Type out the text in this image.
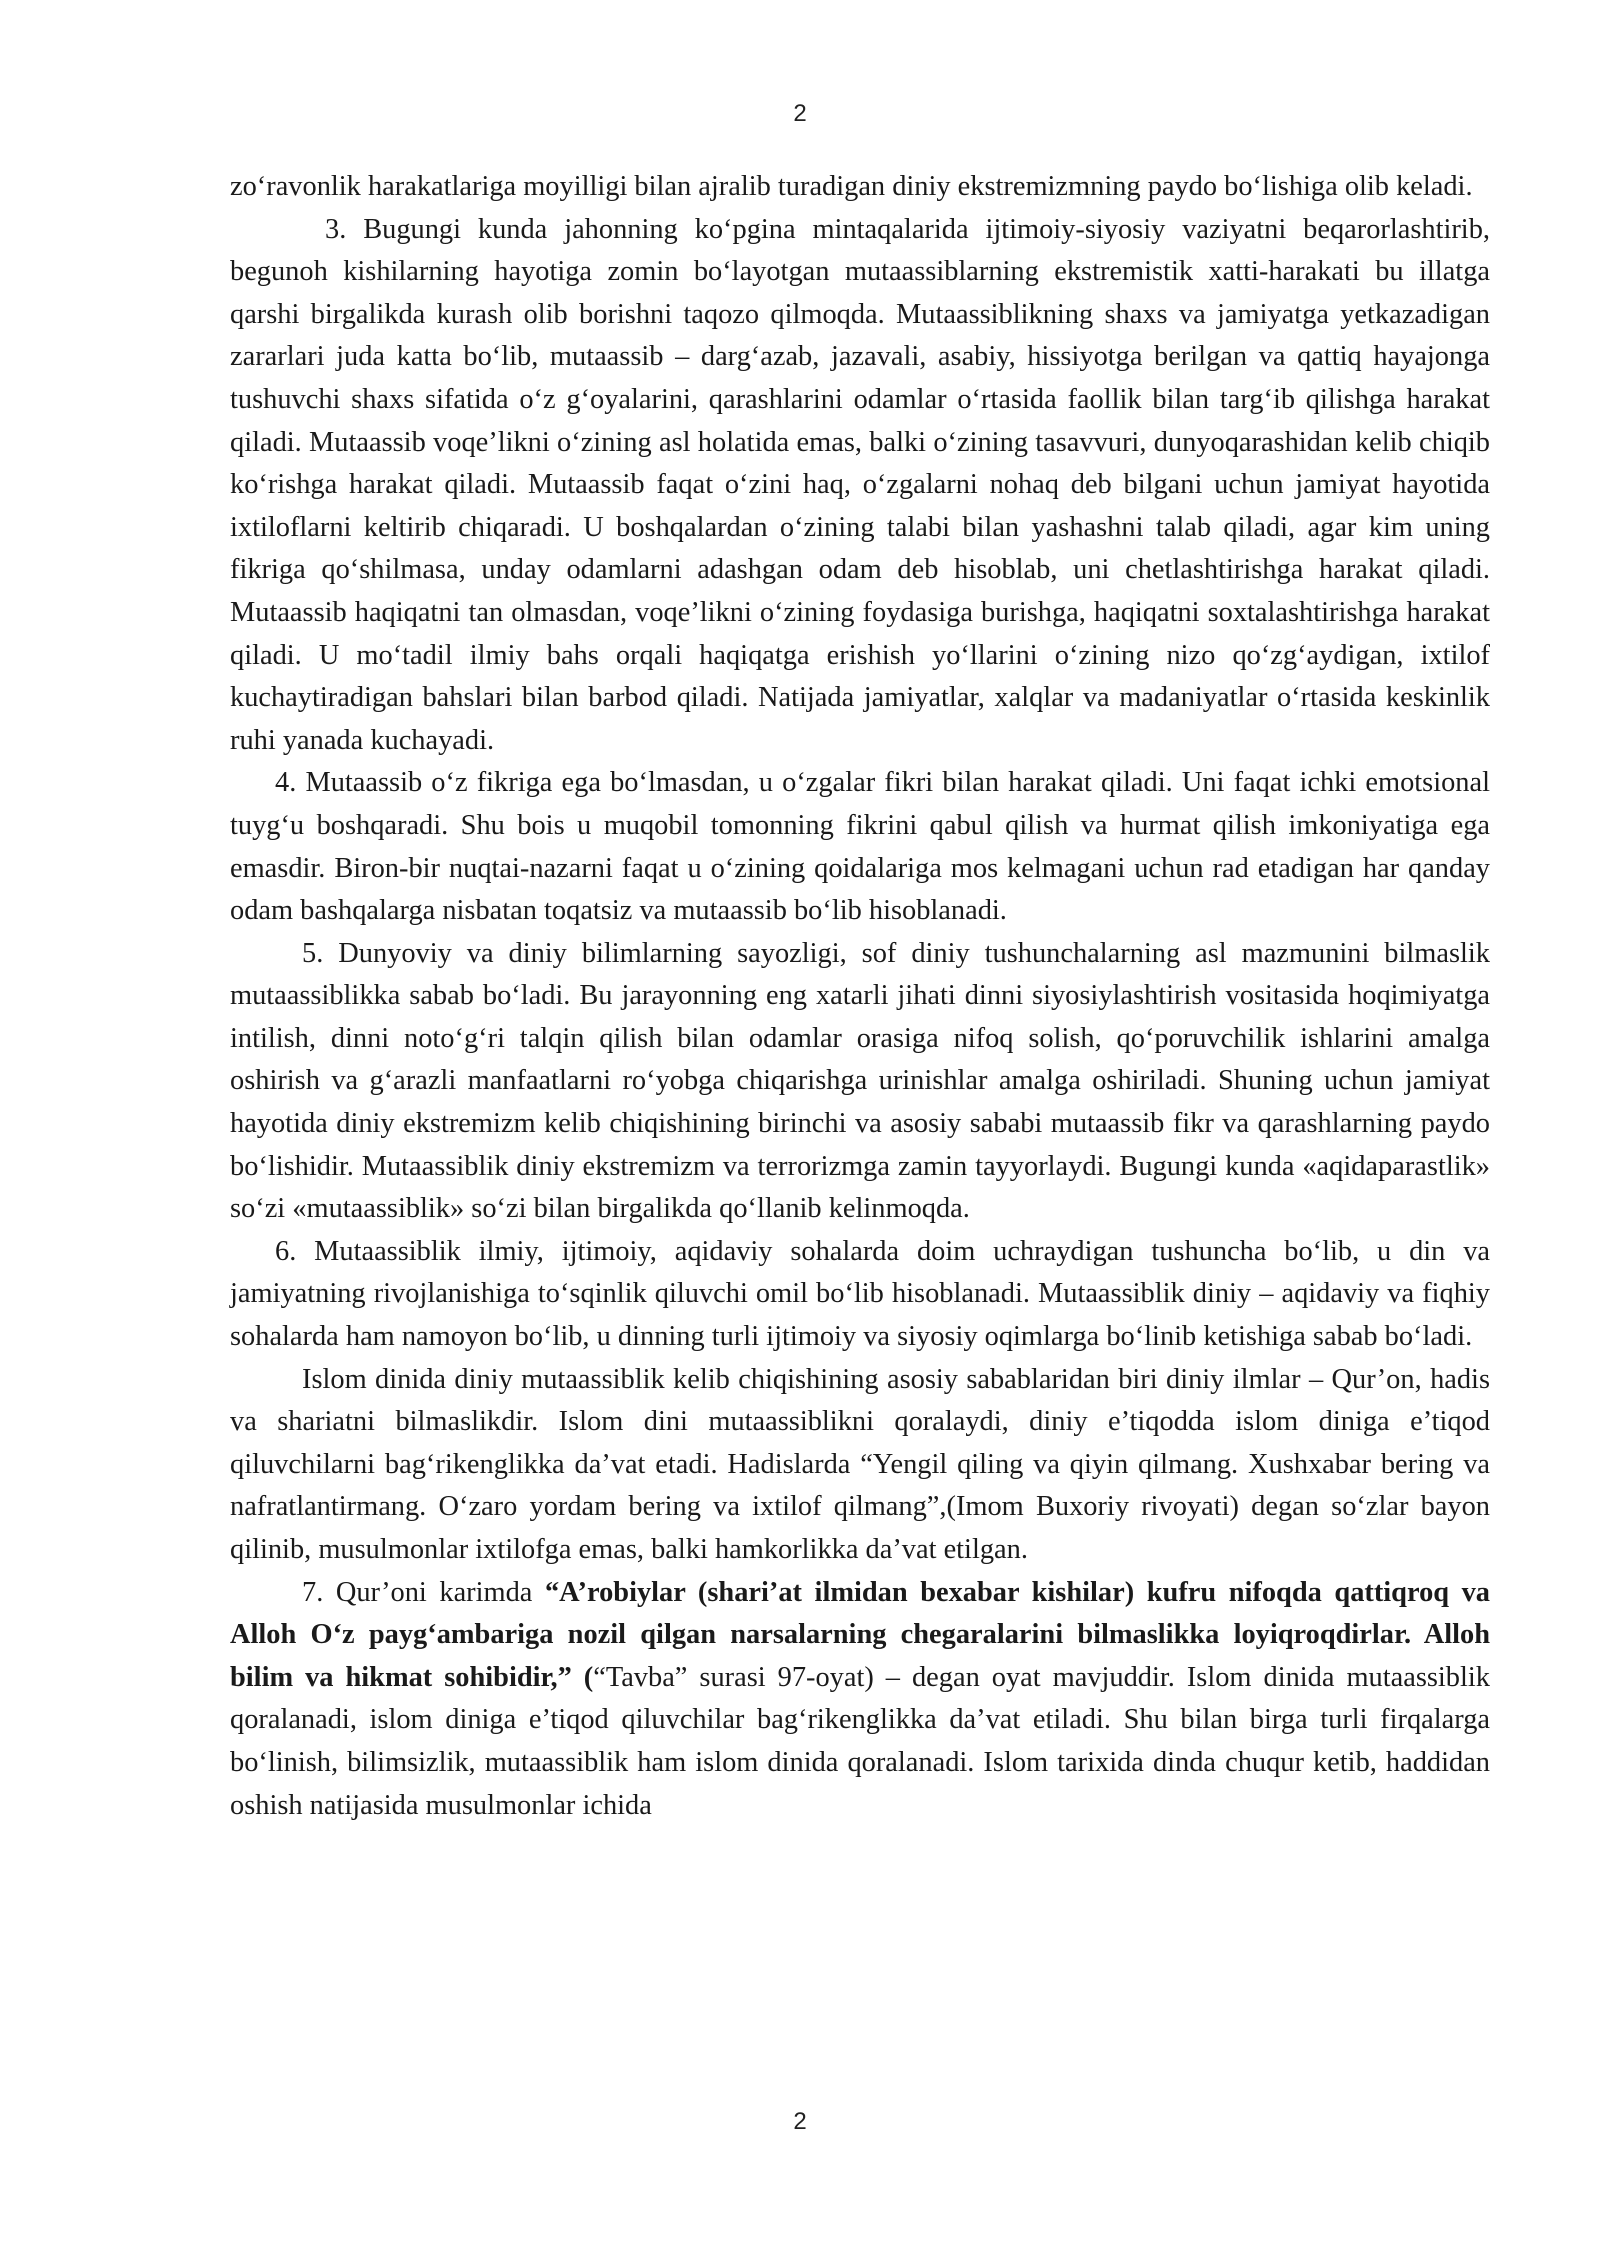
2

zo‘ravonlik harakatlariga moyilligi bilan ajralib turadigan diniy ekstremizmning paydo bo‘lishiga olib keladi.

3. Bugungi kunda jahonning ko‘pgina mintaqalarida ijtimoiy-siyosiy vaziyatni beqarorlashtirib, begunoh kishilarning hayotiga zomin bo‘layotgan mutaassiblarning ekstremistik xatti-harakati bu illatga qarshi birgalikda kurash olib borishni taqozo qilmoqda. Mutaassiblikning shaxs va jamiyatga yetkazadigan zararlari juda katta bo‘lib, mutaassib – darg‘azab, jazavali, asabiy, hissiyotga berilgan va qattiq hayajonga tushuvchi shaxs sifatida o‘z g‘oyalarini, qarashlarini odamlar o‘rtasida faollik bilan targ‘ib qilishga harakat qiladi. Mutaassib voqe’likni o‘zining asl holatida emas, balki o‘zining tasavvuri, dunyoqarashidan kelib chiqib ko‘rishga harakat qiladi. Mutaassib faqat o‘zini haq, o‘zgalarni nohaq deb bilgani uchun jamiyat hayotida ixtiloflarni keltirib chiqaradi. U boshqalardan o‘zining talabi bilan yashashni talab qiladi, agar kim uning fikriga qo‘shilmasa, unday odamlarni adashgan odam deb hisoblab, uni chetlashtirishga harakat qiladi. Mutaassib haqiqatni tan olmasdan, voqe’likni o‘zining foydasiga burishga, haqiqatni soxtalashtirishga harakat qiladi. U mo‘tadil ilmiy bahs orqali haqiqatga erishish yo‘llarini o‘zining nizo qo‘zg‘aydigan, ixtilof kuchaytiradigan bahslari bilan barbod qiladi. Natijada jamiyatlar, xalqlar va madaniyatlar o‘rtasida keskinlik ruhi yanada kuchayadi.

4. Mutaassib o‘z fikriga ega bo‘lmasdan, u o‘zgalar fikri bilan harakat qiladi. Uni faqat ichki emotsional tuyg‘u boshqaradi. Shu bois u muqobil tomonning fikrini qabul qilish va hurmat qilish imkoniyatiga ega emasdir. Biron-bir nuqtai-nazarni faqat u o‘zining qoidalariga mos kelmagani uchun rad etadigan har qanday odam bashqalarga nisbatan toqatsiz va mutaassib bo‘lib hisoblanadi.

5. Dunyoviy va diniy bilimlarning sayozligi, sof diniy tushunchalarning asl mazmunini bilmaslik mutaassiblikka sabab bo‘ladi. Bu jarayonning eng xatarli jihati dinni siyosiylashtirish vositasida hoqimiyatga intilish, dinni noto‘g‘ri talqin qilish bilan odamlar orasiga nifoq solish, qo‘poruvchilik ishlarini amalga oshirish va g‘arazli manfaatlarni ro‘yobga chiqarishga urinishlar amalga oshiriladi. Shuning uchun jamiyat hayotida diniy ekstremizm kelib chiqishining birinchi va asosiy sababi mutaassib fikr va qarashlarning paydo bo‘lishidir. Mutaassiblik diniy ekstremizm va terrorizmga zamin tayyorlaydi. Bugungi kunda «aqidaparastlik» so‘zi «mutaassiblik» so‘zi bilan birgalikda qo‘llanib kelinmoqda.

6. Mutaassiblik ilmiy, ijtimoiy, aqidaviy sohalarda doim uchraydigan tushuncha bo‘lib, u din va jamiyatning rivojlanishiga to‘sqinlik qiluvchi omil bo‘lib hisoblanadi. Mutaassiblik diniy – aqidaviy va fiqhiy sohalarda ham namoyon bo‘lib, u dinning turli ijtimoiy va siyosiy oqimlarga bo‘linib ketishiga sabab bo‘ladi.

Islom dinida diniy mutaassiblik kelib chiqishining asosiy sabablaridan biri diniy ilmlar – Qur’on, hadis va shariatni bilmaslikdir. Islom dini mutaassiblikni qoralaydi, diniy e’tiqodda islom diniga e’tiqod qiluvchilarni bag‘rikenglikka da’vat etadi. Hadislarda “Yengil qiling va qiyin qilmang. Xushxabar bering va nafratlantirmang. O‘zaro yordam bering va ixtilof qilmang”,(Imom Buxoriy rivoyati) degan so‘zlar bayon qilinib, musulmonlar ixtilofga emas, balki hamkorlikka da’vat etilgan.

7. Qur’oni karimda “A’robiylar (shari’at ilmidan bexabar kishilar) kufru nifoqda qattiqroq va Alloh O‘z payg‘ambariga nozil qilgan narsalarning chegaralarini bilmaslikka loyiqroqdirlar. Alloh bilim va hikmat sohibidir,” (“Tavba” surasi 97-oyat) – degan oyat mavjuddir. Islom dinida mutaassiblik qoralanadi, islom diniga e’tiqod qiluvchilar bag‘rikenglikka da’vat etiladi. Shu bilan birga turli firqalarga bo‘linish, bilimsizlik, mutaassiblik ham islom dinida qoralanadi. Islom tarixida dinda chuqur ketib, haddidan oshish natijasida musulmonlar ichida

2
